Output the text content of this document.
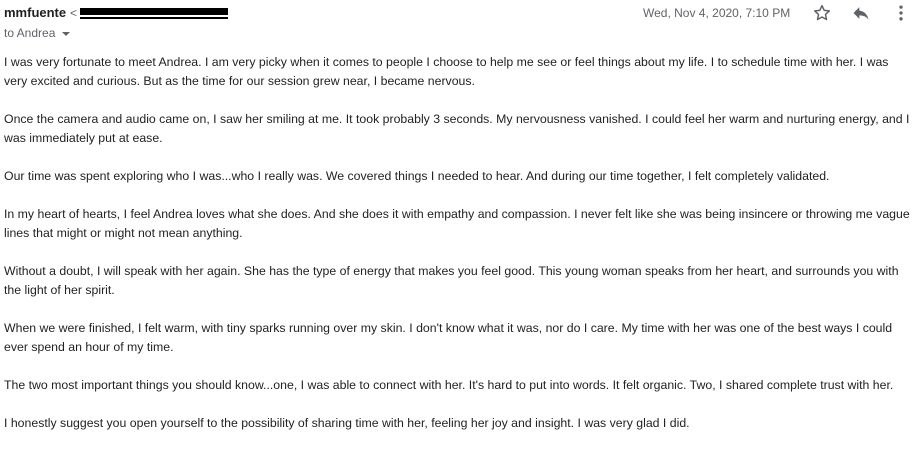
mmfuente <
to Andrea
Wed, Nov 4, 2020, 7:10 PM

I was very fortunate to meet Andrea. I am very picky when it comes to people I choose to help me see or feel things about my life. I to schedule time with her. I was very excited and curious. But as the time for our session grew near, I became nervous.

Once the camera and audio came on, I saw her smiling at me. It took probably 3 seconds. My nervousness vanished. I could feel her warm and nurturing energy, and I was immediately put at ease.

Our time was spent exploring who I was...who I really was. We covered things I needed to hear. And during our time together, I felt completely validated.

In my heart of hearts, I feel Andrea loves what she does. And she does it with empathy and compassion. I never felt like she was being insincere or throwing me vague lines that might or might not mean anything.

Without a doubt, I will speak with her again. She has the type of energy that makes you feel good. This young woman speaks from her heart, and surrounds you with the light of her spirit.

When we were finished, I felt warm, with tiny sparks running over my skin. I don't know what it was, nor do I care. My time with her was one of the best ways I could ever spend an hour of my time.

The two most important things you should know...one, I was able to connect with her. It's hard to put into words. It felt organic. Two, I shared complete trust with her.

I honestly suggest you open yourself to the possibility of sharing time with her, feeling her joy and insight. I was very glad I did.
